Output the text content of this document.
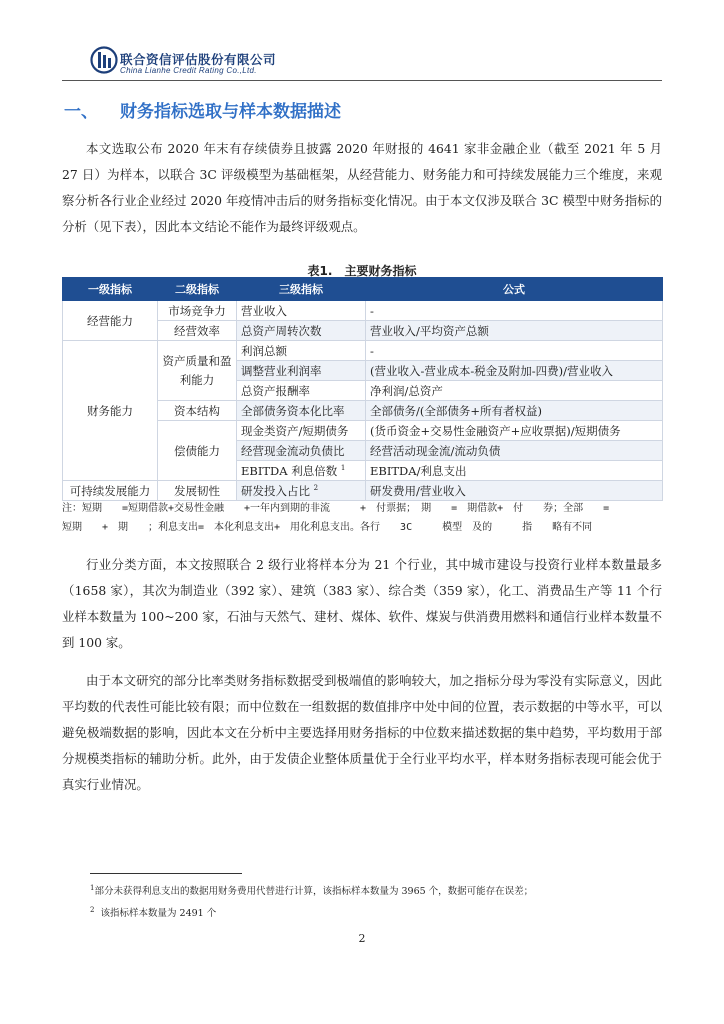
联合资信评估股份有限公司
China Lianhe Credit Rating Co.,Ltd.
一、 财务指标选取与样本数据描述

本文选取公布 2020 年末有存续债券且披露 2020 年财报的 4641 家非金融企业（截至 2021 年 5 月 27 日）为样本，以联合 3C 评级模型为基础框架，从经营能力、财务能力和可持续发展能力三个维度，来观察分析各行业企业经过 2020 年疫情冲击后的财务指标变化情况。由于本文仅涉及联合 3C 模型中财务指标的分析（见下表），因此本文结论不能作为最终评级观点。

表1.　主要财务指标
一级指标	二级指标	三级指标	公式
经营能力	市场竞争力	营业收入	-
	经营效率	总资产周转次数	营业收入/平均资产总额
财务能力	资产质量和盈利能力	利润总额	-
		调整营业利润率	(营业收入-营业成本-税金及附加-四费)/营业收入
		总资产报酬率	净利润/总资产
	资本结构	全部债务资本化比率	全部债务/(全部债务+所有者权益)
	偿债能力	现金类资产/短期债务	(货币资金+交易性金融资产+应收票据)/短期债务
		经营现金流动负债比	经营活动现金流/流动负债
		EBITDA 利息倍数 $^1$	EBITDA/利息支出
可持续发展能力	发展韧性	研发投入占比 $^2$	研发费用/营业收入
注：短期　　=短期借款+交易性金融　　+一年内到期的非流　　　+　付票据；　期　　=　期借款+　付　　券；全部　　=
短期　　+　期　　；利息支出=　本化利息支出+　用化利息支出。各行　　3C　　　模型　及的　　　指　　略有不同

行业分类方面，本文按照联合 2 级行业将样本分为 21 个行业，其中城市建设与投资行业样本数量最多（1658 家），其次为制造业（392 家）、建筑（383 家）、综合类（359 家），化工、消费品生产等 11 个行业样本数量为 100~200 家，石油与天然气、建材、煤体、软件、煤炭与供消费用燃料和通信行业样本数量不到 100 家。

由于本文研究的部分比率类财务指标数据受到极端值的影响较大，加之指标分母为零没有实际意义，因此平均数的代表性可能比较有限；而中位数在一组数据的数值排序中处中间的位置，表示数据的中等水平，可以避免极端数据的影响，因此本文在分析中主要选择用财务指标的中位数来描述数据的集中趋势，平均数用于部分规模类指标的辅助分析。此外，由于发债企业整体质量优于全行业平均水平，样本财务指标表现可能会优于真实行业情况。

$^1$部分未获得利息支出的数据用财务费用代替进行计算，该指标样本数量为 3965 个，数据可能存在误差；
$^2$ 该指标样本数量为 2491 个
2
